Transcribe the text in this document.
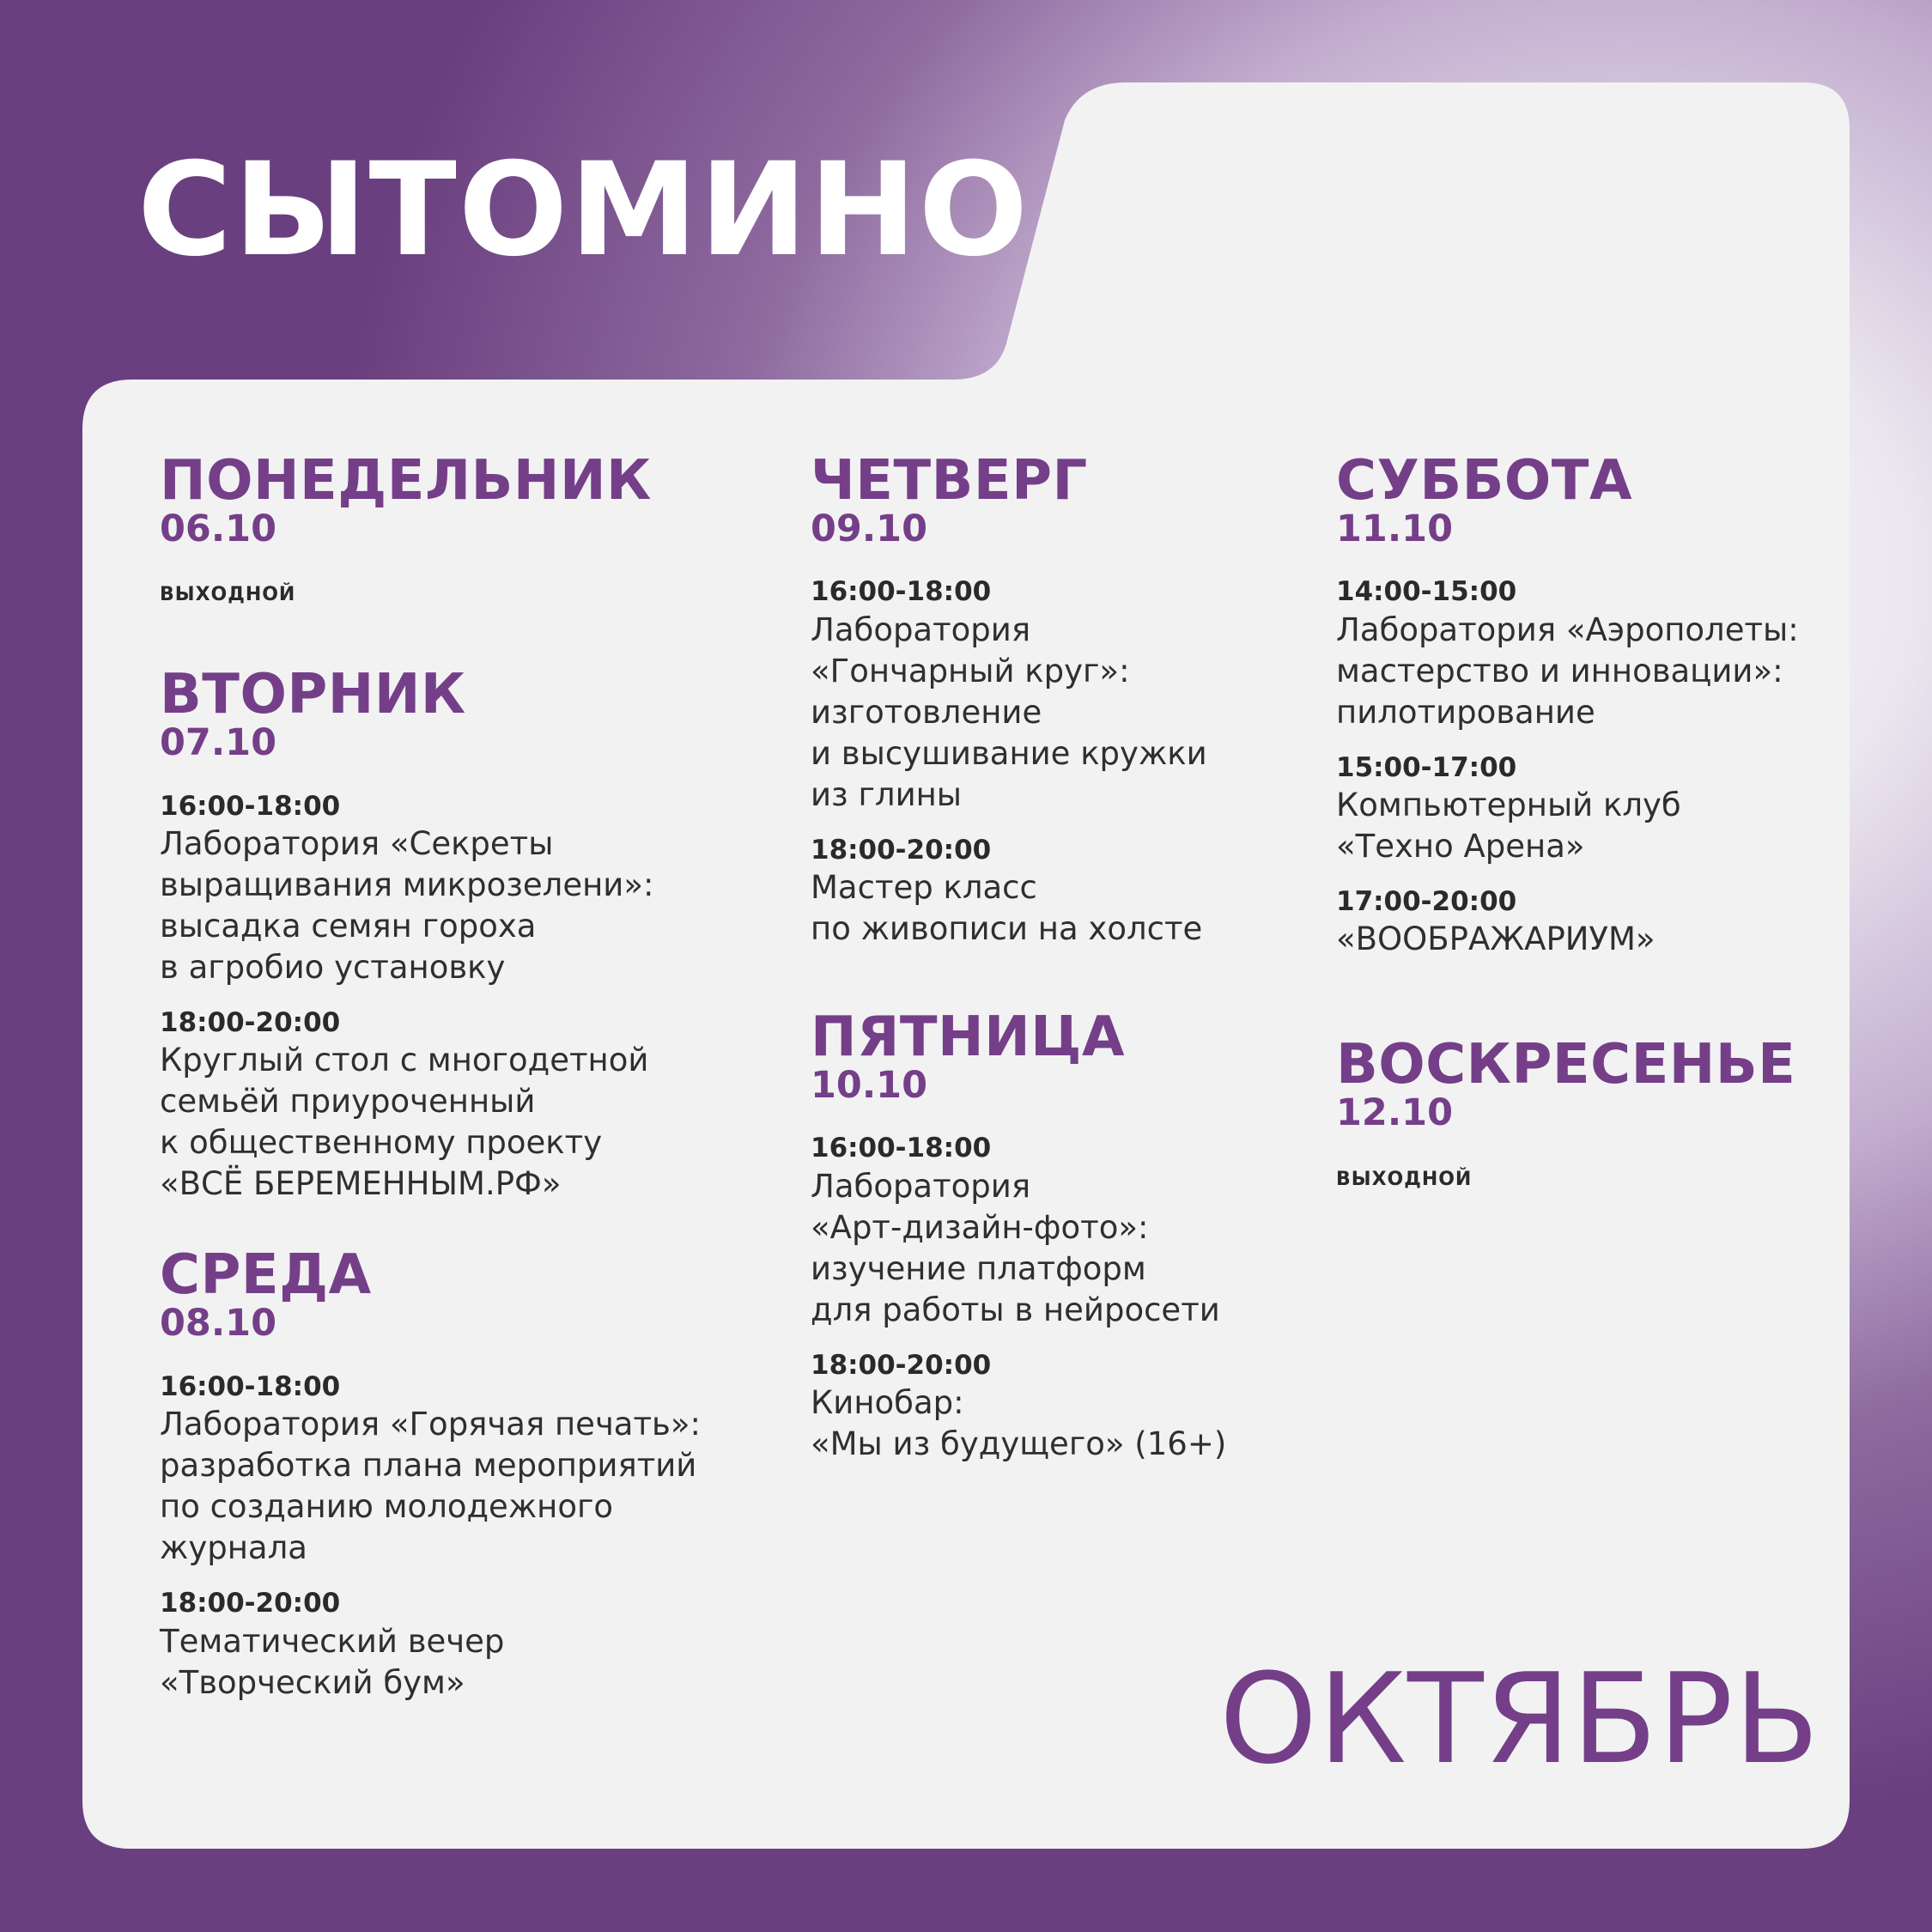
СЫТОМИНО

ПОНЕДЕЛЬНИК

06.10

выходной

ВТОРНИК

07.10

16:00-18:00

Лаборатория «Секреты
выращивания микрозелени»:
высадка семян гороха
в агробио установку

18:00-20:00

Круглый стол с многодетной
семьёй приуроченный
к общественному проекту
«ВСЁ БЕРЕМЕННЫМ.РФ»

СРЕДА

08.10

16:00-18:00

Лаборатория «Горячая печать»:
разработка плана мероприятий
по созданию молодежного
журнала

18:00-20:00

Тематический вечер
«Творческий бум»

ЧЕТВЕРГ

09.10

16:00-18:00

Лаборатория
«Гончарный круг»:
изготовление
и высушивание кружки
из глины

18:00-20:00

Мастер класс
по живописи на холсте

ПЯТНИЦА

10.10

16:00-18:00

Лаборатория
«Арт-дизайн-фото»:
изучение платформ
для работы в нейросети

18:00-20:00

Кинобар:
«Мы из будущего» (16+)

СУББОТА

11.10

14:00-15:00

Лаборатория «Аэрополеты:
мастерство и инновации»:
пилотирование

15:00-17:00

Компьютерный клуб
«Техно Арена»

17:00-20:00

«ВООБРАЖАРИУМ»

ВОСКРЕСЕНЬЕ

12.10

выходной

ОКТЯБРЬ
